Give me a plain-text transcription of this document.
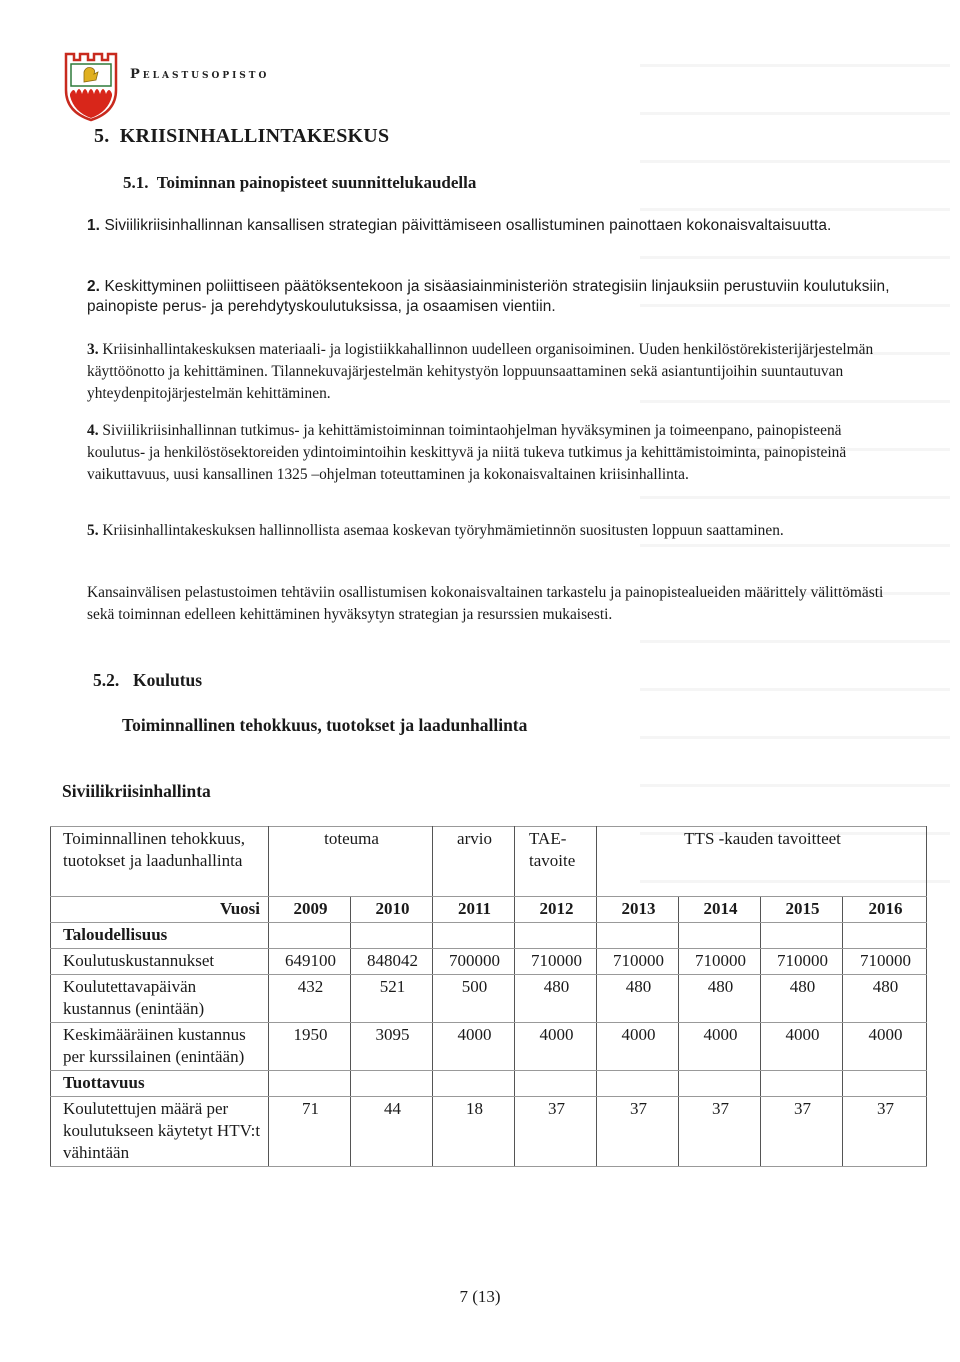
Pelastusopisto
5.  KRIISINHALLINTAKESKUS
5.1.  Toiminnan painopisteet suunnittelukaudella
1. Siviilikriisinhallinnan kansallisen strategian päivittämiseen osallistuminen painottaen kokonaisvaltaisuutta.
2. Keskittyminen poliittiseen päätöksentekoon ja sisäasiainministeriön strategisiin linjauksiin perustuviin koulutuksiin, painopiste perus- ja perehdytyskoulutuksissa, ja osaamisen vientiin.
3. Kriisinhallintakeskuksen materiaali- ja logistiikkahallinnon uudelleen organisoiminen. Uuden henkilöstörekisterijärjestelmän käyttöönotto ja kehittäminen. Tilannekuvajärjestelmän kehitystyön loppuunsaattaminen sekä asiantuntijoihin suuntautuvan yhteydenpitojärjestelmän kehittäminen.
4. Siviilikriisinhallinnan tutkimus- ja kehittämistoiminnan toimintaohjelman hyväksyminen ja toimeenpano, painopisteenä koulutus- ja henkilöstösektoreiden ydintoimintoihin keskittyvä ja niitä tukeva tutkimus ja kehittämistoiminta, painopisteinä vaikuttavuus, uusi kansallinen 1325 –ohjelman toteuttaminen ja kokonaisvaltainen kriisinhallinta.
5. Kriisinhallintakeskuksen hallinnollista asemaa koskevan työryhmämietinnön suositusten loppuun saattaminen.
Kansainvälisen pelastustoimen tehtäviin osallistumisen kokonaisvaltainen tarkastelu ja painopistealueiden määrittely välittömästi sekä toiminnan edelleen kehittäminen hyväksytyn strategian ja resurssien mukaisesti.
5.2. Koulutus
Toiminnallinen tehokkuus, tuotokset ja laadunhallinta
Siviilikriisinhallinta
Toiminnallinen tehokkuus, tuotokset ja laadunhallinta	toteuma		arvio	TAE-
tavoite	TTS -kauden tavoitteet			
Vuosi	2009	2010	2011	2012	2013	2014	2015	2016
Taloudellisuus								
Koulutuskustannukset	649100	848042	700000	710000	710000	710000	710000	710000
Koulutettavapäivän kustannus (enintään)	432	521	500	480	480	480	480	480
Keskimääräinen kustannus per kurssilainen (enintään)	1950	3095	4000	4000	4000	4000	4000	4000
Tuottavuus								
Koulutettujen määrä per koulutukseen käytetyt HTV:t vähintään	71	44	18	37	37	37	37	37
7 (13)
